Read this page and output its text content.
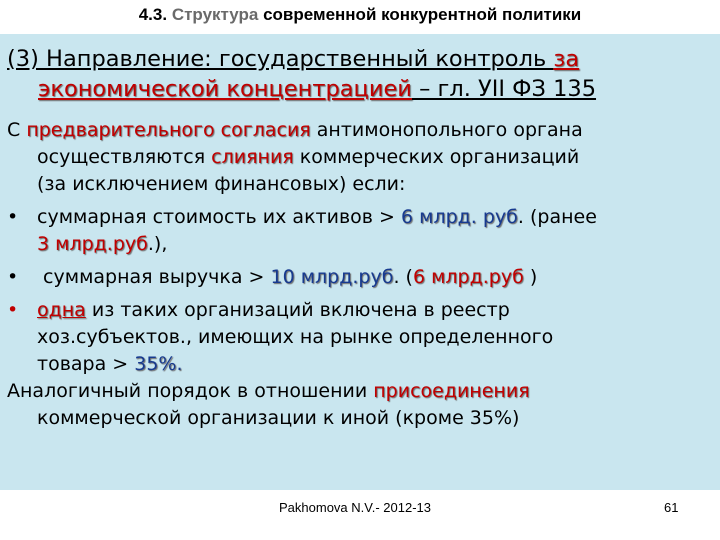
4.3. Структура современной конкурентной политики
(3) Направление: государственный контроль за
экономической концентрацией – гл. УII ФЗ 135
С предварительного согласия антимонопольного органа
осуществляются слияния коммерческих организаций
(за исключением финансовых) если:
• суммарная стоимость их активов > 6 млрд. руб. (ранее
3 млрд.руб.),
• суммарная выручка > 10 млрд.руб. (6 млрд.руб )
• одна из таких организаций включена в реестр
хоз.субъектов., имеющих на рынке определенного
товара > 35%.
Аналогичный порядок в отношении присоединения
коммерческой организации к иной (кроме 35%)
Pakhomova N.V.- 2012-13	61
